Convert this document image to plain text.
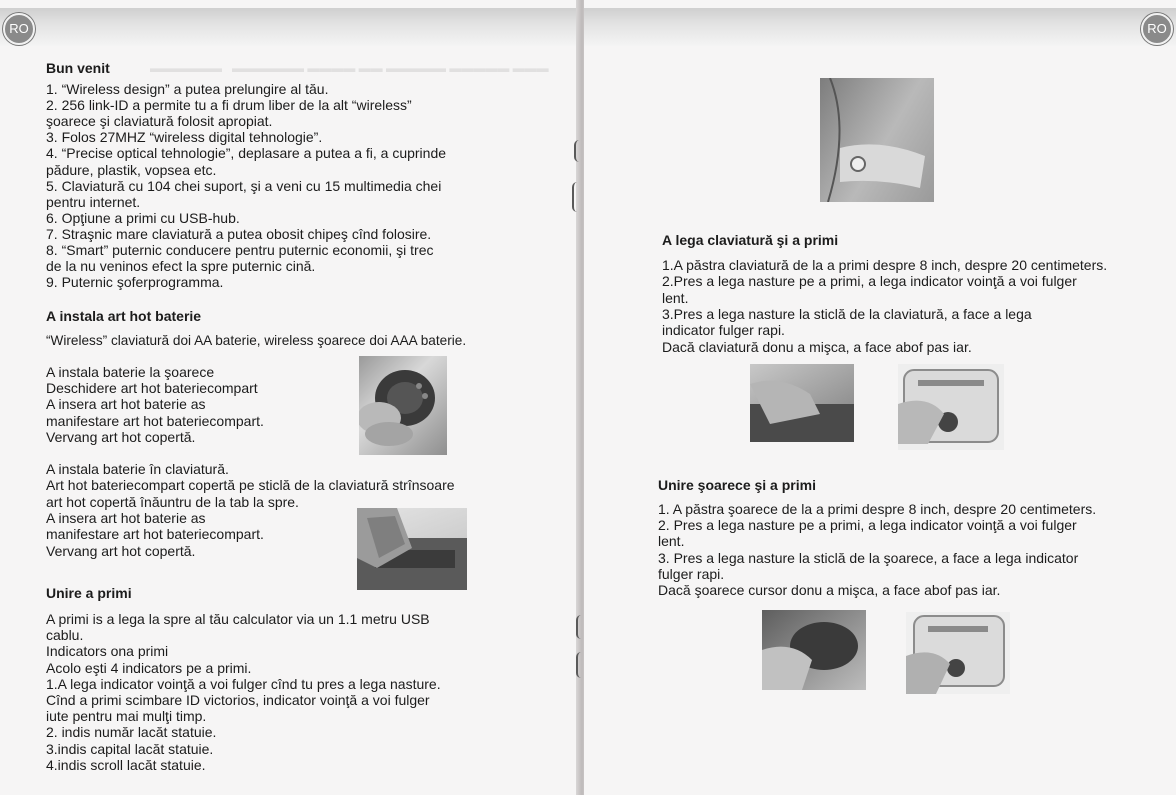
RO
▬▬▬ ▬▬▬▬▬ ▬▬▬▬▬ ▬▬ ▬▬▬▬ ▬▬▬▬▬▬   ▬▬▬▬▬▬
Bun venit
1. “Wireless design” a putea prelungire al tău.
2. 256 link-ID a permite tu a fi drum liber de la alt “wireless”
şoarece şi claviatură folosit apropiat.
3. Folos 27MHZ “wireless digital tehnologie”.
4. “Precise optical tehnologie”, deplasare a putea a fi, a cuprinde
pădure, plastik, vopsea etc.
5. Claviatură cu 104 chei suport, şi a veni cu 15 multimedia chei
pentru internet.
6. Opţiune a primi cu USB-hub.
7. Straşnic mare claviatură a putea obosit chipeş cînd folosire.
8. “Smart” puternic conducere pentru puternic economii, şi trec
de la nu veninos efect la spre puternic cină.
9. Puternic şoferprogramma.
A instala art hot baterie
“Wireless” claviatură doi AA baterie, wireless şoarece doi AAA baterie.
A instala baterie la şoarece
Deschidere art hot bateriecompart
A insera art hot baterie as
manifestare art hot bateriecompart.
Vervang art hot copertă.
A instala baterie în claviatură.
Art hot bateriecompart copertă pe sticlă de la claviatură strînsoare
art hot copertă înăuntru de la tab la spre.
A insera art hot baterie as
manifestare art hot bateriecompart.
Vervang art hot copertă.
Unire a primi
A primi is a lega la spre al tău calculator via un 1.1 metru USB
cablu.
Indicators ona primi
Acolo eşti 4 indicators pe a primi.
1.A lega indicator voinţă a voi fulger cînd tu pres a lega nasture.
Cînd a primi scimbare ID victorios, indicator voinţă a voi fulger
iute pentru mai mulţi timp.
2. indis număr lacăt statuie.
3.indis capital lacăt statuie.
4.indis scroll lacăt statuie.
RO
A lega claviatură şi a primi
1.A păstra claviatură de la a primi despre 8 inch, despre 20 centimeters.
2.Pres a lega nasture pe a primi, a lega indicator voinţă a voi fulger
lent.
3.Pres a lega nasture la sticlă de la claviatură, a face a lega
indicator fulger rapi.
Dacă claviatură donu a mişca, a face abof pas iar.
Unire şoarece şi a primi
1. A păstra şoarece de la a primi despre 8 inch, despre 20 centimeters.
2. Pres a lega nasture pe a primi, a lega indicator voinţă a voi fulger
lent.
3. Pres a lega nasture la sticlă de la şoarece, a face a lega indicator
fulger rapi.
Dacă şoarece cursor donu a mişca, a face abof pas iar.
